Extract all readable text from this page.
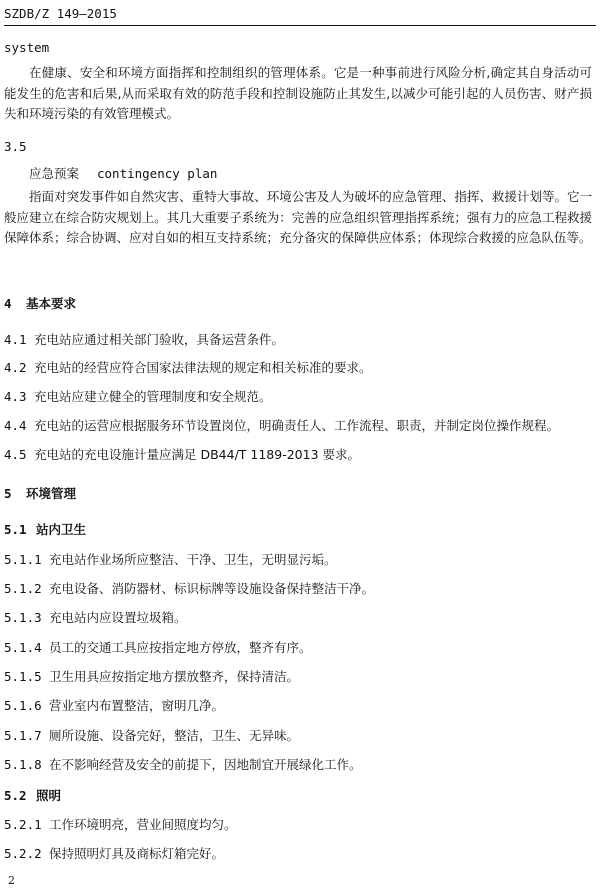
SZDB/Z 149—2015
system
在健康、安全和环境方面指挥和控制组织的管理体系。它是一种事前进行风险分析,确定其自身活动可能发生的危害和后果,从而采取有效的防范手段和控制设施防止其发生,以减少可能引起的人员伤害、财产损失和环境污染的有效管理模式。
3.5
应急预案 contingency plan
指面对突发事件如自然灾害、重特大事故、环境公害及人为破坏的应急管理、指挥、救援计划等。它一般应建立在综合防灾规划上。其几大重要子系统为：完善的应急组织管理指挥系统；强有力的应急工程救援保障体系；综合协调、应对自如的相互支持系统；充分备灾的保障供应体系；体现综合救援的应急队伍等。
4 基本要求
4.1 充电站应通过相关部门验收，具备运营条件。
4.2 充电站的经营应符合国家法律法规的规定和相关标准的要求。
4.3 充电站应建立健全的管理制度和安全规范。
4.4 充电站的运营应根据服务环节设置岗位，明确责任人、工作流程、职责，并制定岗位操作规程。
4.5 充电站的充电设施计量应满足 DB44/T 1189-2013 要求。
5 环境管理
5.1 站内卫生
5.1.1 充电站作业场所应整洁、干净、卫生，无明显污垢。
5.1.2 充电设备、消防器材、标识标牌等设施设备保持整洁干净。
5.1.3 充电站内应设置垃圾箱。
5.1.4 员工的交通工具应按指定地方停放，整齐有序。
5.1.5 卫生用具应按指定地方摆放整齐，保持清洁。
5.1.6 营业室内布置整洁，窗明几净。
5.1.7 厕所设施、设备完好，整洁，卫生、无异味。
5.1.8 在不影响经营及安全的前提下，因地制宜开展绿化工作。
5.2 照明
5.2.1 工作环境明亮，营业间照度均匀。
5.2.2 保持照明灯具及商标灯箱完好。
2
